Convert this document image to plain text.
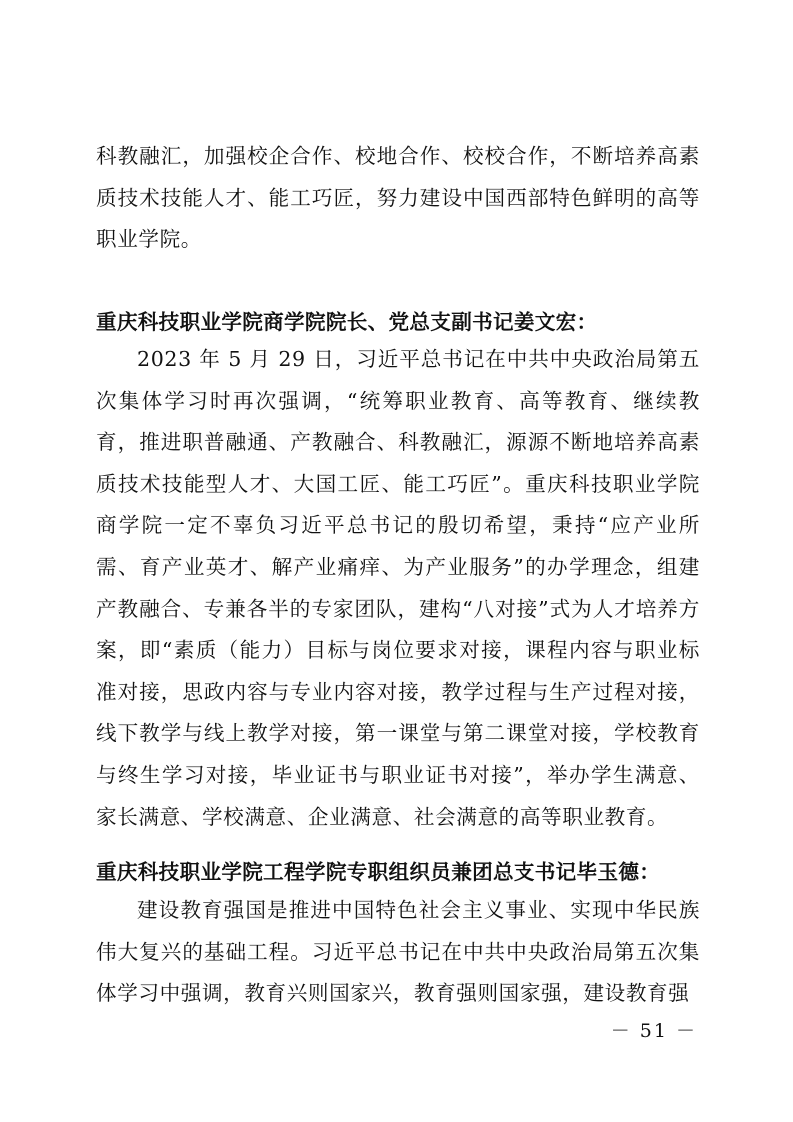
科教融汇，加强校企合作、校地合作、校校合作，不断培养高素质技术技能人才、能工巧匠，努力建设中国西部特色鲜明的高等职业学院。

重庆科技职业学院商学院院长、党总支副书记姜文宏：

2023 年 5 月 29 日，习近平总书记在中共中央政治局第五次集体学习时再次强调，“统筹职业教育、高等教育、继续教育，推进职普融通、产教融合、科教融汇，源源不断地培养高素质技术技能型人才、大国工匠、能工巧匠”。重庆科技职业学院商学院一定不辜负习近平总书记的殷切希望，秉持“应产业所需、育产业英才、解产业痛痒、为产业服务”的办学理念，组建产教融合、专兼各半的专家团队，建构“八对接”式为人才培养方案，即“素质（能力）目标与岗位要求对接，课程内容与职业标准对接，思政内容与专业内容对接，教学过程与生产过程对接，线下教学与线上教学对接，第一课堂与第二课堂对接，学校教育与终生学习对接，毕业证书与职业证书对接”，举办学生满意、家长满意、学校满意、企业满意、社会满意的高等职业教育。

重庆科技职业学院工程学院专职组织员兼团总支书记毕玉德：

建设教育强国是推进中国特色社会主义事业、实现中华民族伟大复兴的基础工程。习近平总书记在中共中央政治局第五次集体学习中强调，教育兴则国家兴，教育强则国家强，建设教育强

－ 51 －
